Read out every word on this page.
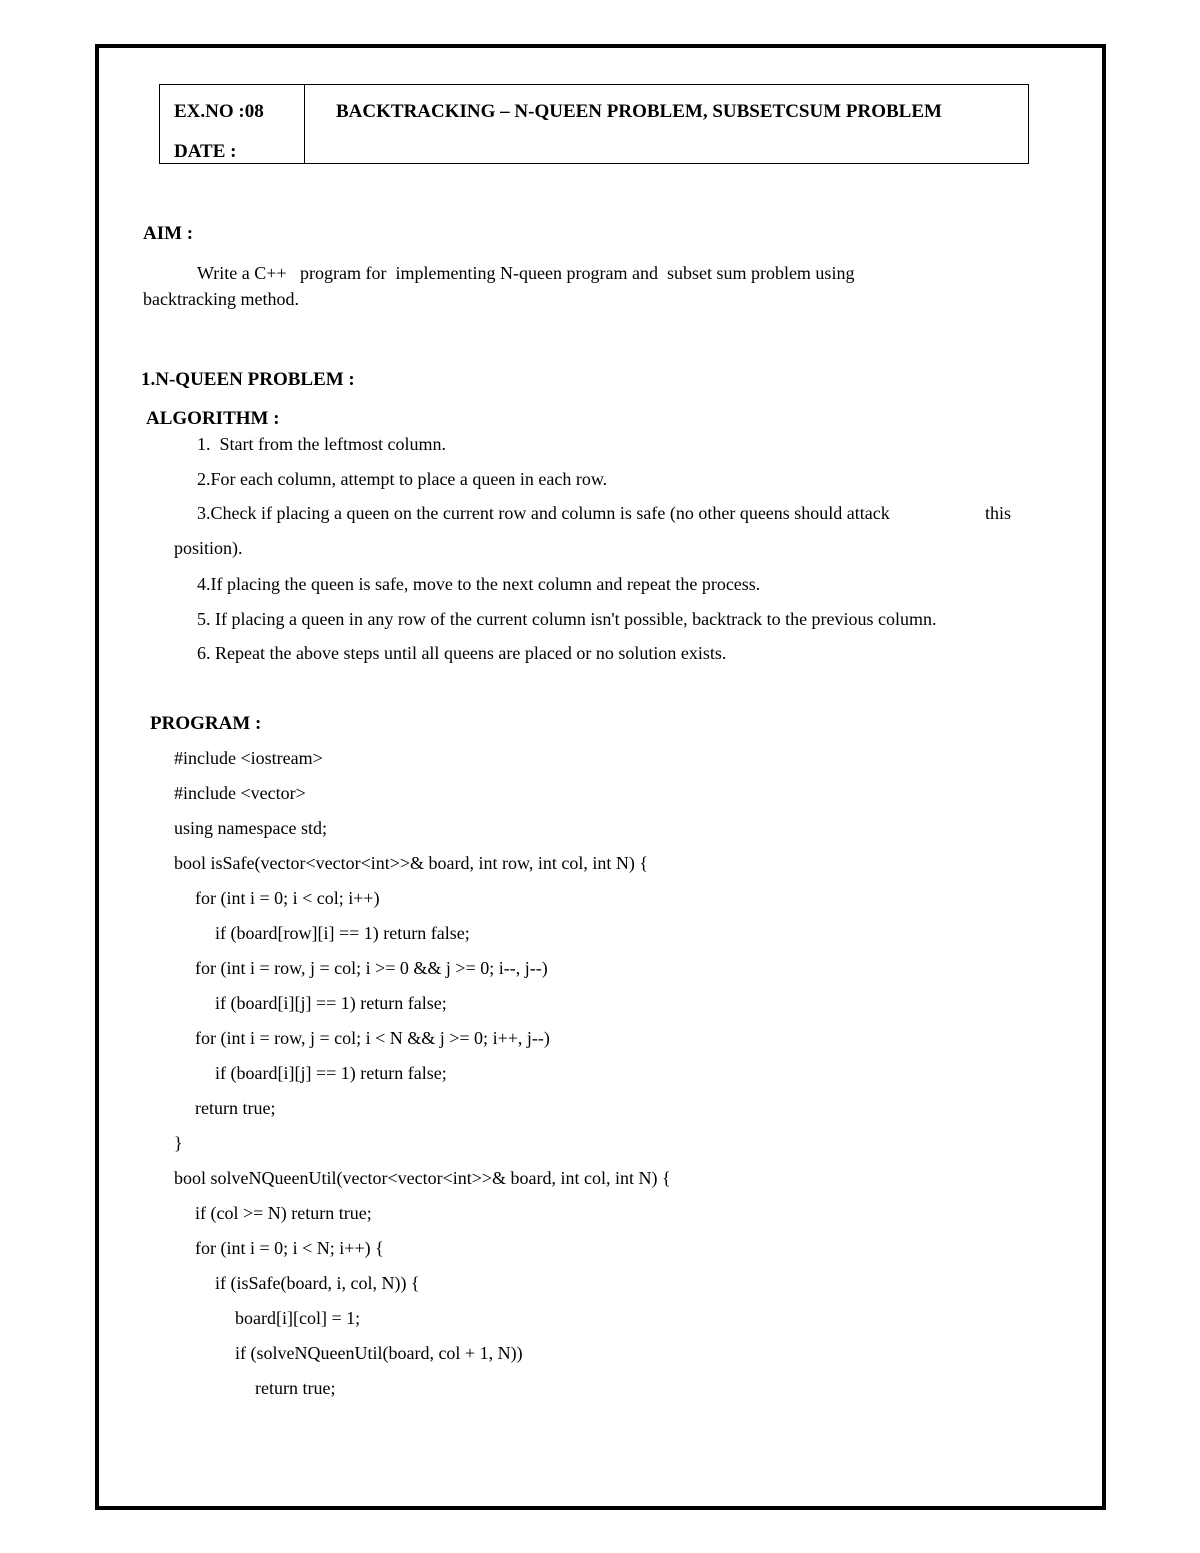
EX.NO :08
DATE :
BACKTRACKING – N-QUEEN PROBLEM, SUBSETCSUM PROBLEM
AIM :
Write a C++   program for  implementing N-queen program and  subset sum problem using
backtracking method.
1.N-QUEEN PROBLEM :
ALGORITHM :
1.  Start from the leftmost column.
2.For each column, attempt to place a queen in each row.
3.Check if placing a queen on the current row and column is safe (no other queens should attack	this
position).
4.If placing the queen is safe, move to the next column and repeat the process.
5. If placing a queen in any row of the current column isn't possible, backtrack to the previous column.
6. Repeat the above steps until all queens are placed or no solution exists.
PROGRAM :
#include <iostream>
#include <vector>
using namespace std;
bool isSafe(vector<vector<int>>& board, int row, int col, int N) {
for (int i = 0; i < col; i++)
if (board[row][i] == 1) return false;
for (int i = row, j = col; i >= 0 && j >= 0; i--, j--)
if (board[i][j] == 1) return false;
for (int i = row, j = col; i < N && j >= 0; i++, j--)
if (board[i][j] == 1) return false;
return true;
}
bool solveNQueenUtil(vector<vector<int>>& board, int col, int N) {
if (col >= N) return true;
for (int i = 0; i < N; i++) {
if (isSafe(board, i, col, N)) {
board[i][col] = 1;
if (solveNQueenUtil(board, col + 1, N))
return true;
